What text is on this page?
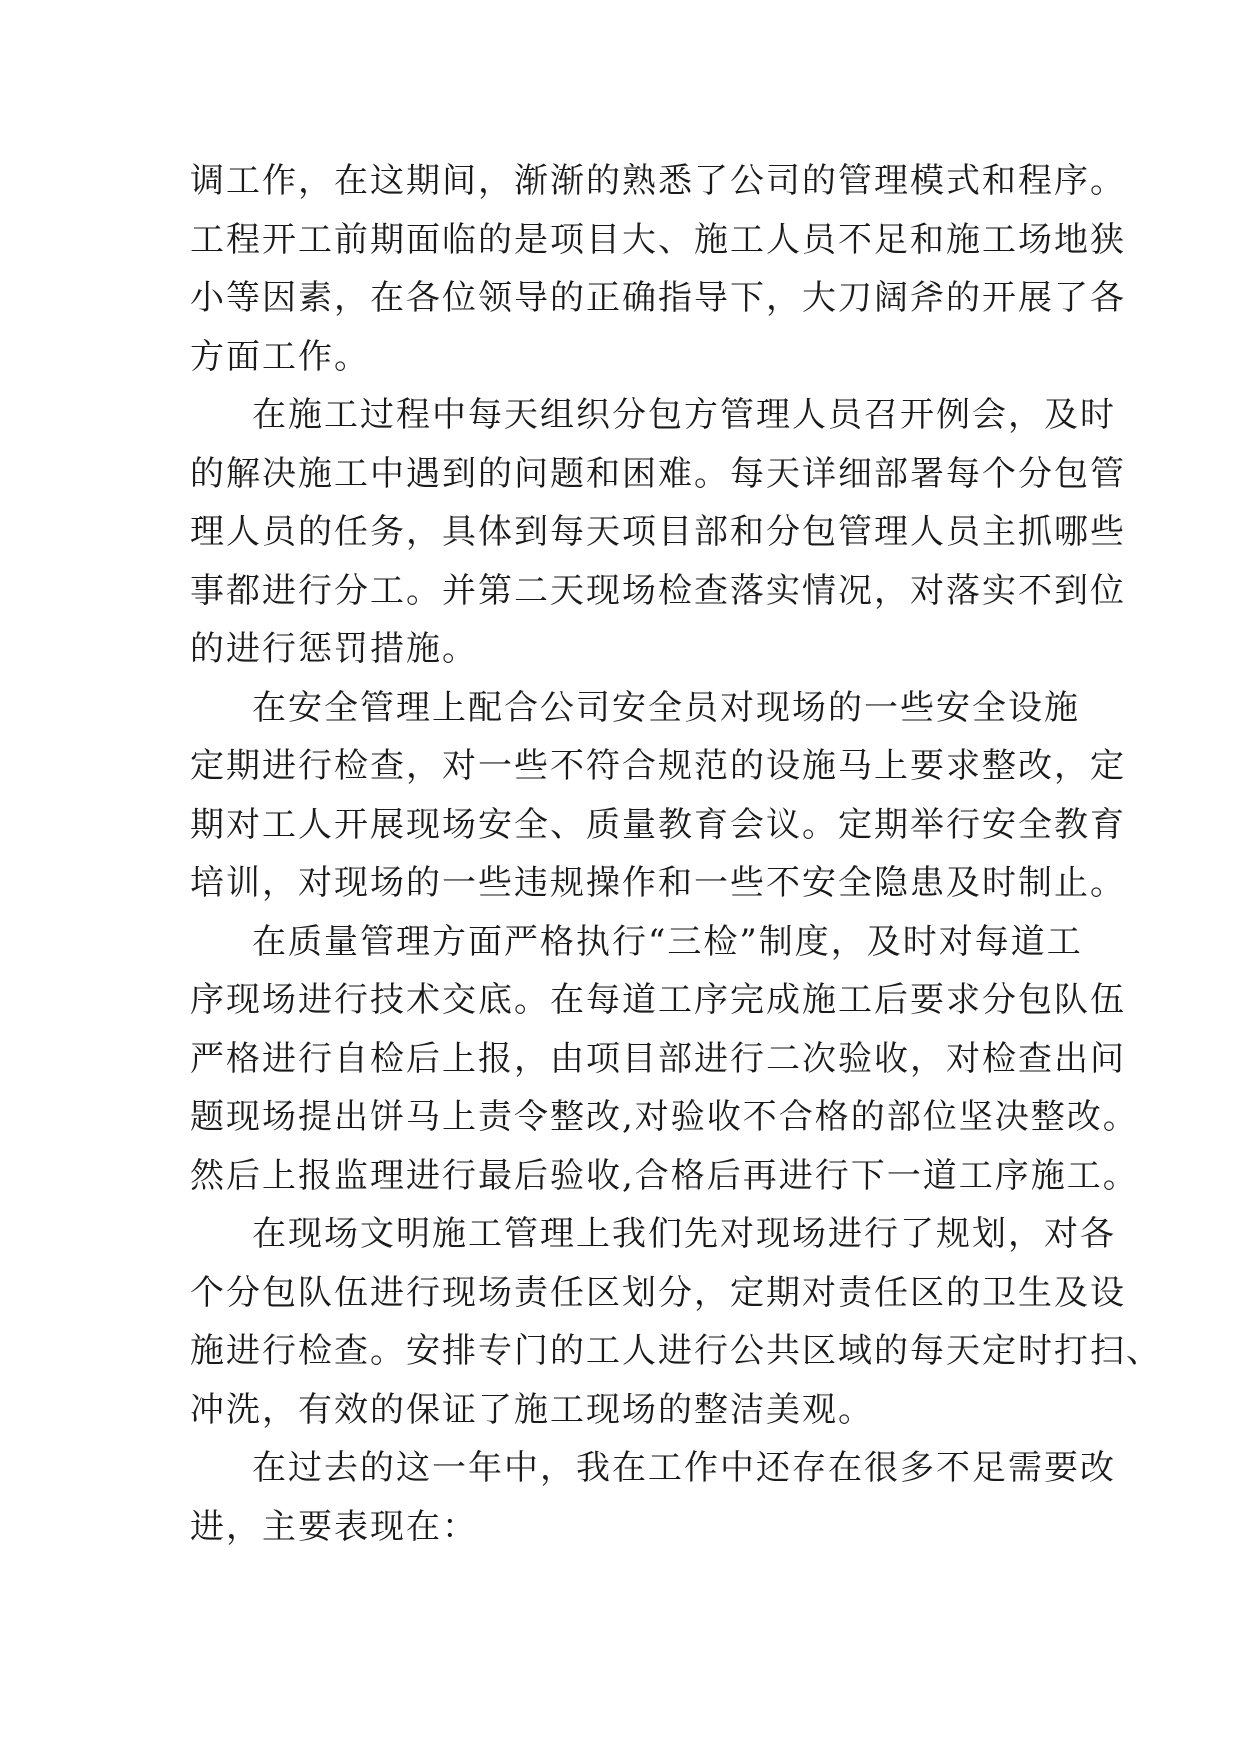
调工作，在这期间，渐渐的熟悉了公司的管理模式和程序。
工程开工前期面临的是项目大、施工人员不足和施工场地狭
小等因素，在各位领导的正确指导下，大刀阔斧的开展了各
方面工作。
在施工过程中每天组织分包方管理人员召开例会，及时
的解决施工中遇到的问题和困难。每天详细部署每个分包管
理人员的任务，具体到每天项目部和分包管理人员主抓哪些
事都进行分工。并第二天现场检查落实情况，对落实不到位
的进行惩罚措施。
在安全管理上配合公司安全员对现场的一些安全设施
定期进行检查，对一些不符合规范的设施马上要求整改，定
期对工人开展现场安全、质量教育会议。定期举行安全教育
培训，对现场的一些违规操作和一些不安全隐患及时制止。
在质量管理方面严格执行“三检”制度，及时对每道工
序现场进行技术交底。在每道工序完成施工后要求分包队伍
严格进行自检后上报，由项目部进行二次验收，对检查出问
题现场提出饼马上责令整改,对验收不合格的部位坚决整改。
然后上报监理进行最后验收,合格后再进行下一道工序施工。
在现场文明施工管理上我们先对现场进行了规划，对各
个分包队伍进行现场责任区划分，定期对责任区的卫生及设
施进行检查。安排专门的工人进行公共区域的每天定时打扫、
冲洗，有效的保证了施工现场的整洁美观。
在过去的这一年中，我在工作中还存在很多不足需要改
进，主要表现在：
